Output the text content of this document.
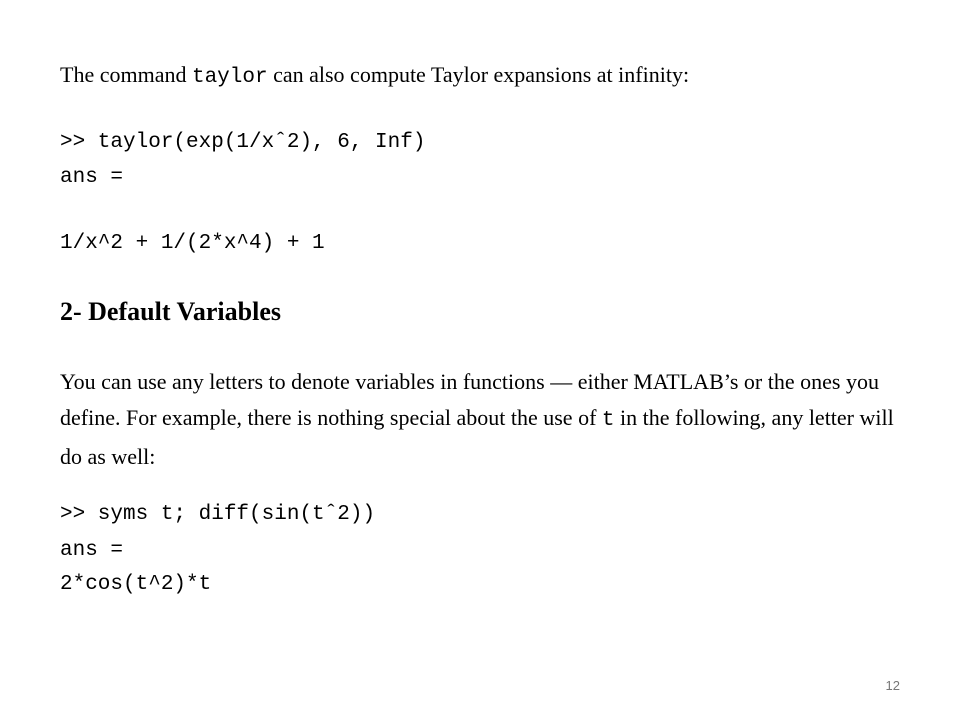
The command taylor can also compute Taylor expansions at infinity:

>> taylor(exp(1/xˆ2), 6, Inf)

ans =

1/x^2 + 1/(2*x^4) + 1

2- Default Variables

You can use any letters to denote variables in functions — either MATLAB’s or the ones you define. For example, there is nothing special about the use of t in the following, any letter will do as well:

>> syms t; diff(sin(tˆ2))

ans =

2*cos(t^2)*t

12
